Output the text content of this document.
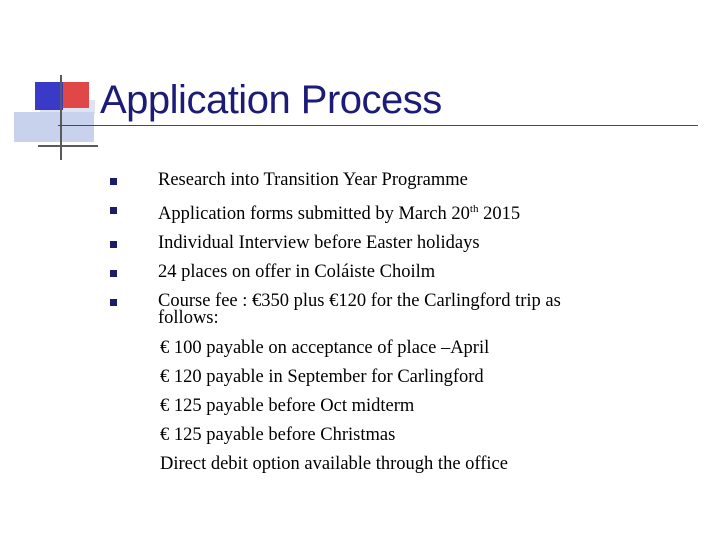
Application Process
Research into Transition Year Programme
Application forms submitted by March 20th 2015
Individual Interview before Easter holidays
24 places on offer in Coláiste Choilm
Course fee : €350 plus €120 for the Carlingford trip as
follows:
€ 100 payable on acceptance of place –April
€ 120 payable in September for Carlingford
€ 125 payable before Oct midterm
€ 125 payable before Christmas
Direct debit option available through the office
